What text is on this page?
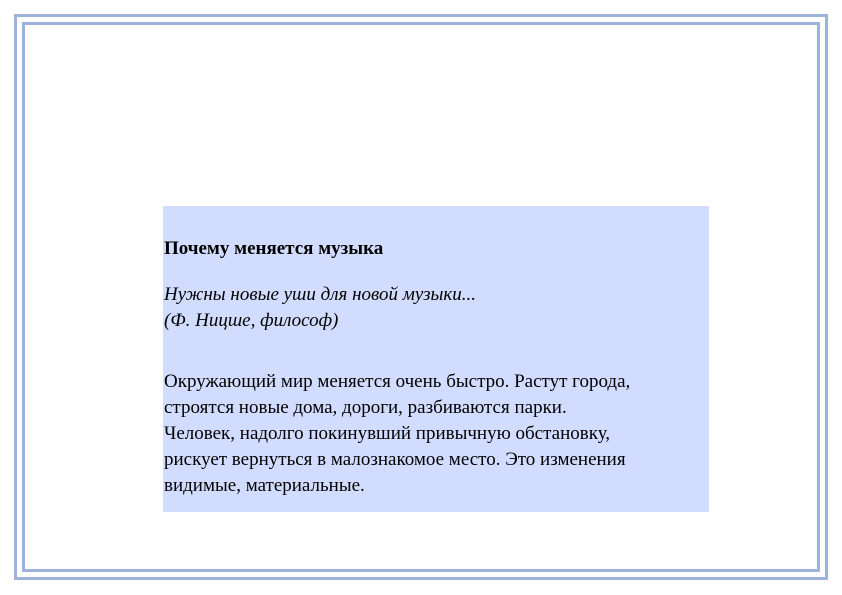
Почему меняется музыка

Нужны новые уши для новой музыки...
(Ф. Ницше, философ)
Окружающий мир меняется очень быстро. Растут города,
строятся новые дома, дороги, разбиваются парки.
Человек, надолго покинувший привычную обстановку,
рискует вернуться в малознакомое место. Это изменения
видимые, материальные.
